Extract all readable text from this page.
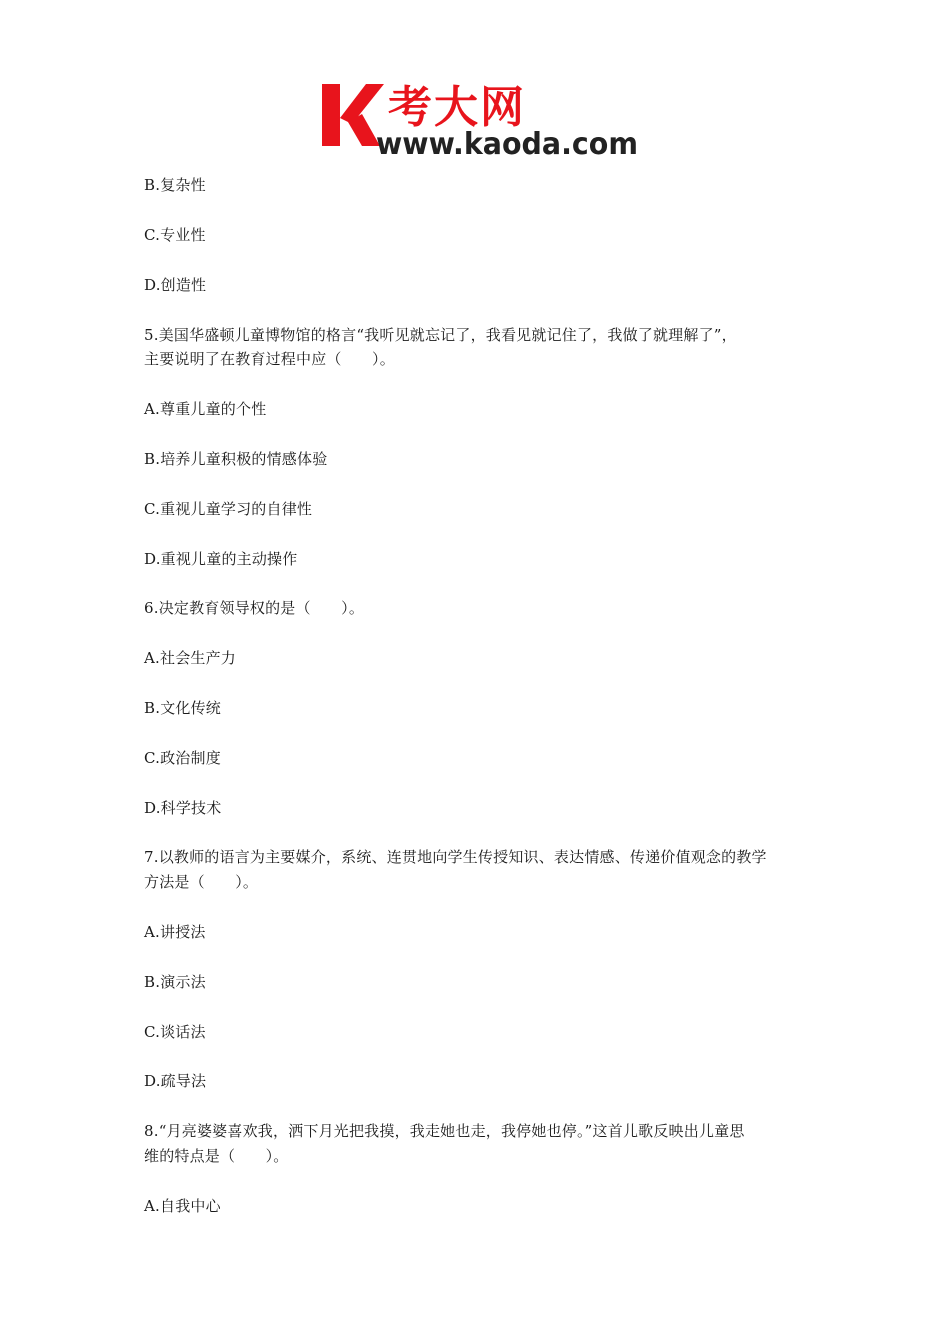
考大网
www.kaoda.com
B.复杂性
C.专业性
D.创造性
5.美国华盛顿儿童博物馆的格言“我听见就忘记了，我看见就记住了，我做了就理解了”，
主要说明了在教育过程中应（　　）。
A.尊重儿童的个性
B.培养儿童积极的情感体验
C.重视儿童学习的自律性
D.重视儿童的主动操作
6.决定教育领导权的是（　　）。
A.社会生产力
B.文化传统
C.政治制度
D.科学技术
7.以教师的语言为主要媒介，系统、连贯地向学生传授知识、表达情感、传递价值观念的教学
方法是（　　）。
A.讲授法
B.演示法
C.谈话法
D.疏导法
8.“月亮婆婆喜欢我，洒下月光把我摸，我走她也走，我停她也停。”这首儿歌反映出儿童思
维的特点是（　　）。
A.自我中心
